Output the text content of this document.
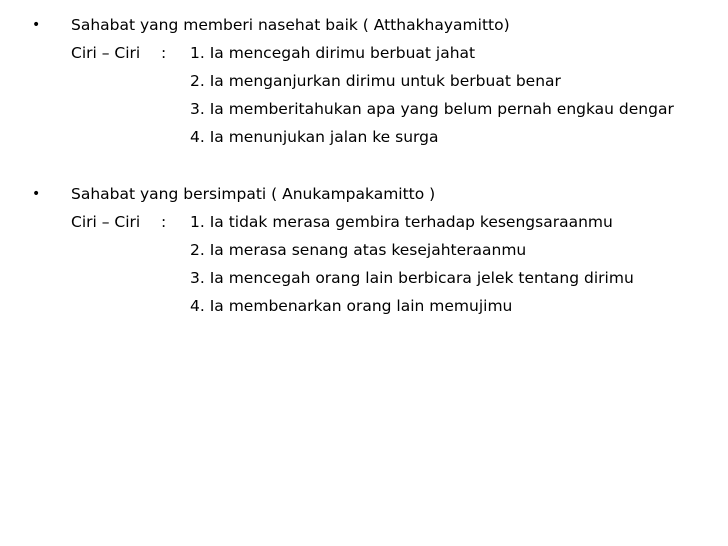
• Sahabat yang memberi nasehat baik ( Atthakhayamitto)
Ciri – Ciri : 1. Ia mencegah dirimu berbuat jahat
2. Ia menganjurkan dirimu untuk berbuat benar
3. Ia memberitahukan apa yang belum pernah engkau dengar
4. Ia menunjukan jalan ke surga
• Sahabat yang bersimpati ( Anukampakamitto )
Ciri – Ciri : 1. Ia tidak merasa gembira terhadap kesengsaraanmu
2. Ia merasa senang atas kesejahteraanmu
3. Ia mencegah orang lain berbicara jelek tentang dirimu
4. Ia membenarkan orang lain memujimu
